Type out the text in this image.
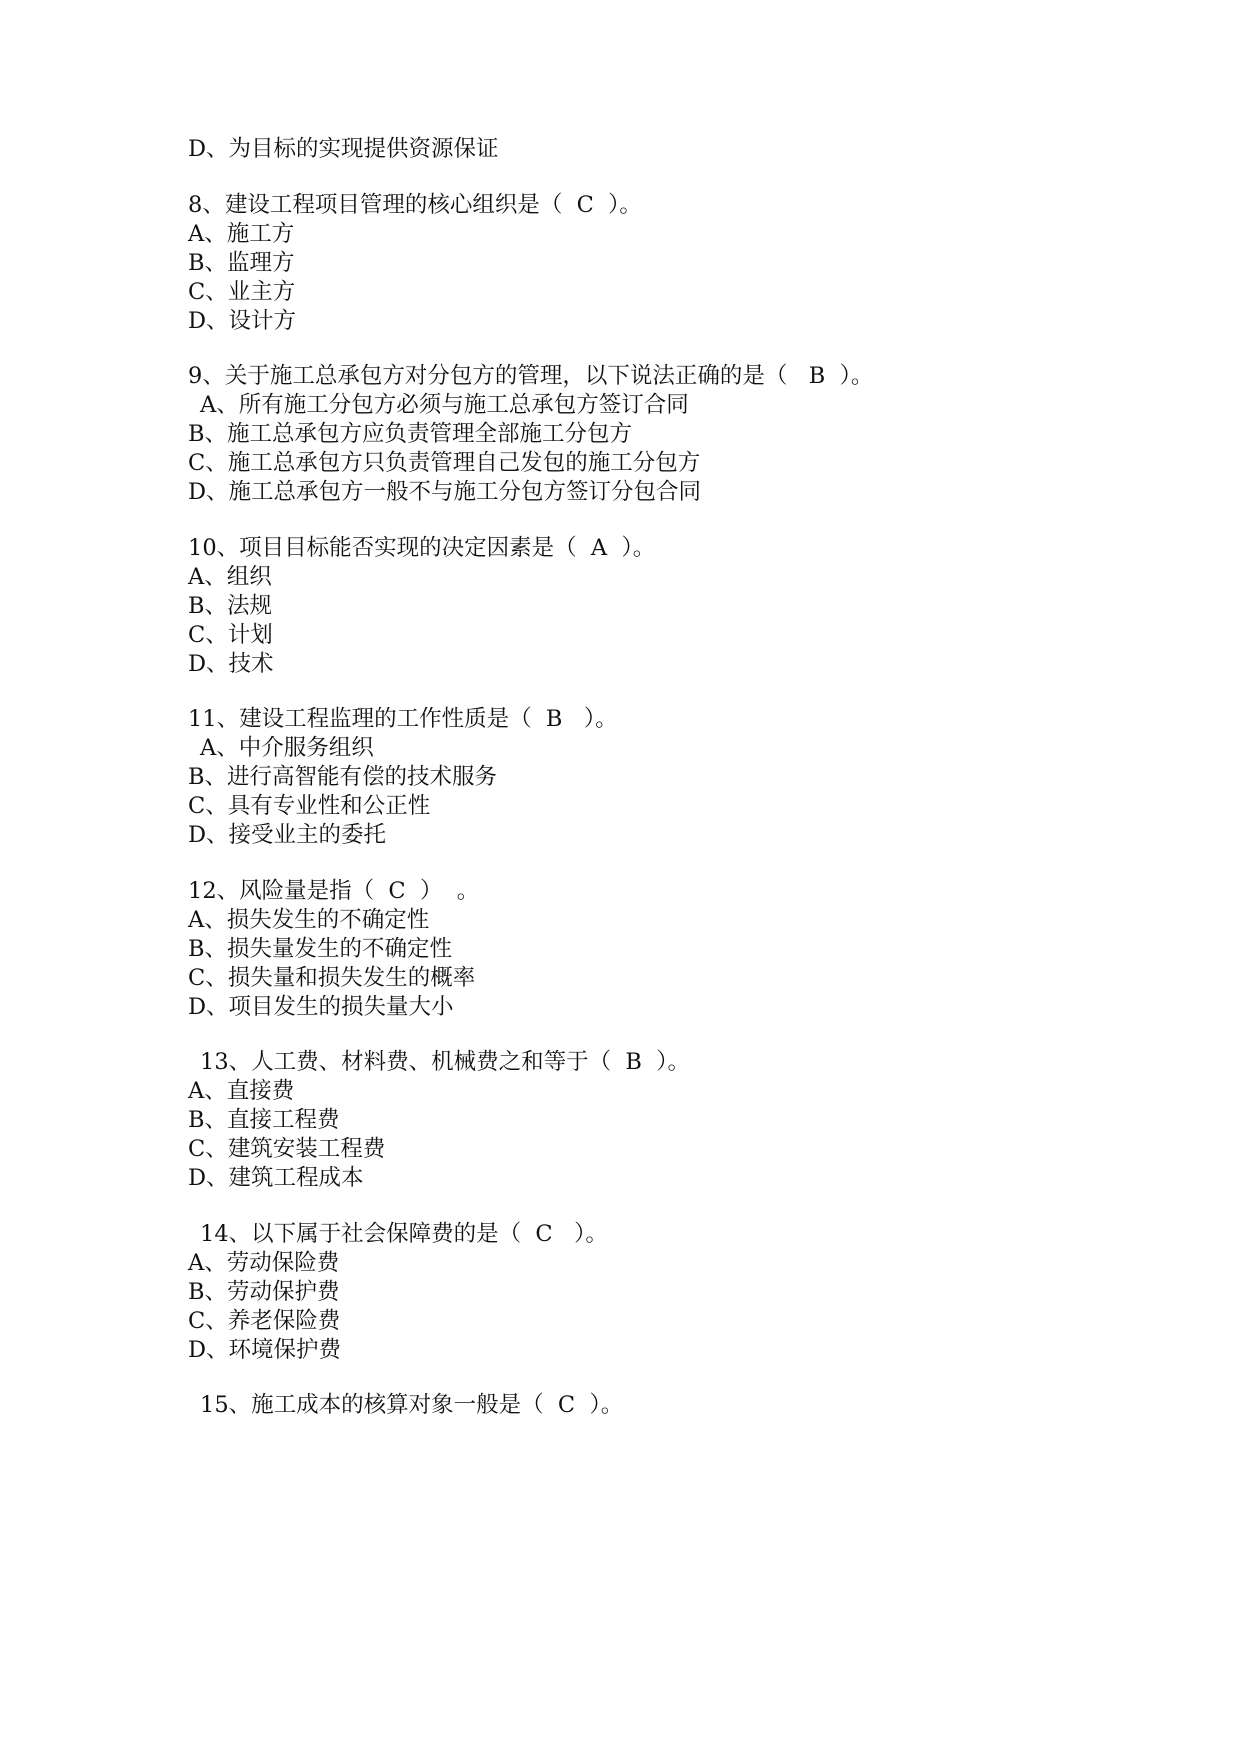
D、为目标的实现提供资源保证
8、建设工程项目管理的核心组织是（  C  ）。
A、施工方
B、监理方
C、业主方
D、设计方
9、关于施工总承包方对分包方的管理，以下说法正确的是（   B  ）。
A、所有施工分包方必须与施工总承包方签订合同
B、施工总承包方应负责管理全部施工分包方
C、施工总承包方只负责管理自己发包的施工分包方
D、施工总承包方一般不与施工分包方签订分包合同
10、项目目标能否实现的决定因素是（  A  ）。
A、组织
B、法规
C、计划
D、技术
11、建设工程监理的工作性质是（  B   ）。
A、中介服务组织
B、进行高智能有偿的技术服务
C、具有专业性和公正性
D、接受业主的委托
12、风险量是指（  C  ）  。
A、损失发生的不确定性
B、损失量发生的不确定性
C、损失量和损失发生的概率
D、项目发生的损失量大小
13、人工费、材料费、机械费之和等于（  B  ）。
A、直接费
B、直接工程费
C、建筑安装工程费
D、建筑工程成本
14、以下属于社会保障费的是（  C   ）。
A、劳动保险费
B、劳动保护费
C、养老保险费
D、环境保护费
15、施工成本的核算对象一般是（  C  ）。
